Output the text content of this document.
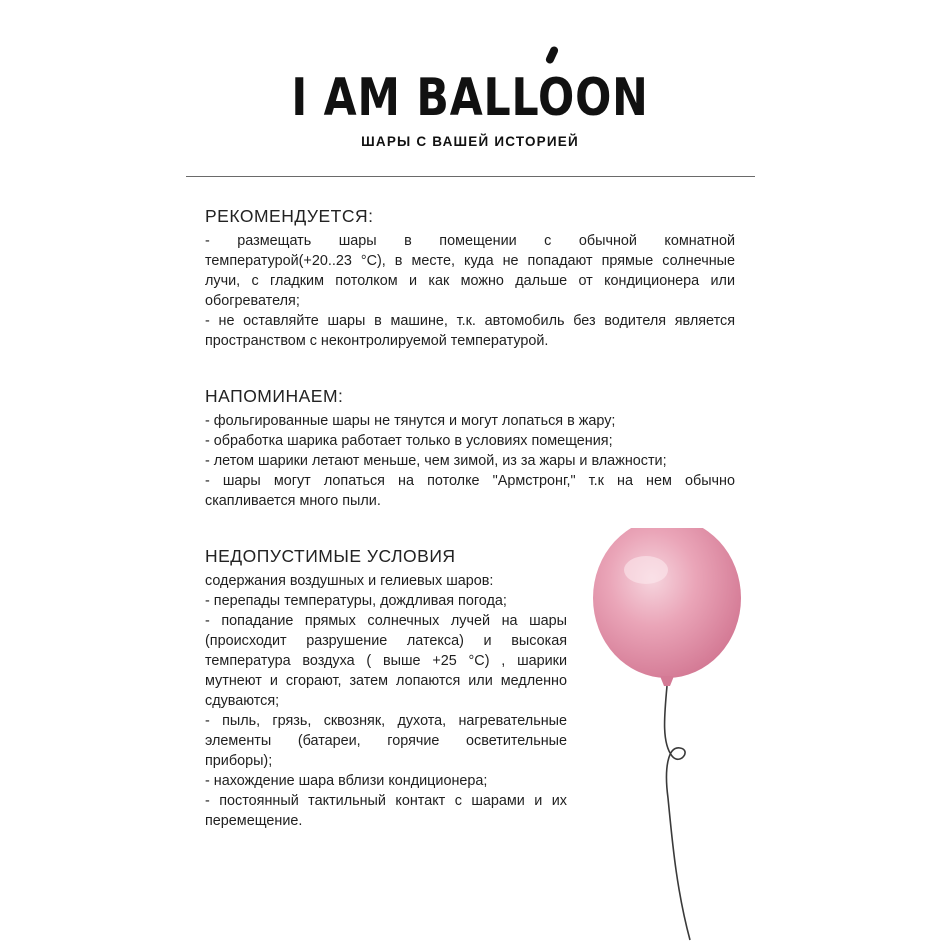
I AM BALLOON
ШАРЫ С ВАШЕЙ ИСТОРИЕЙ
РЕКОМЕНДУЕТСЯ:
- размещать шары в помещении с обычной комнатной
температурой(+20..23 °С), в месте, куда не попадают прямые солнечные
лучи, с гладким потолком и как можно дальше от кондиционера или
обогревателя;
- не оставляйте шары в машине, т.к. автомобиль без водителя является
пространством с неконтролируемой температурой.
НАПОМИНАЕМ:
- фольгированные шары не тянутся и могут лопаться в жару;
- обработка шарика работает только в условиях помещения;
- летом шарики летают меньше, чем зимой, из за жары и влажности;
- шары могут лопаться на потолке "Армстронг," т.к на нем обычно
скапливается много пыли.
НЕДОПУСТИМЫЕ УСЛОВИЯ
содержания воздушных и гелиевых шаров:
- перепады температуры, дождливая погода;
- попадание прямых солнечных лучей на шары
(происходит разрушение латекса) и высокая
температура воздуха ( выше +25 °С) , шарики
мутнеют и сгорают, затем лопаются или медленно
сдуваются;
- пыль, грязь, сквозняк, духота, нагревательные
элементы (батареи, горячие осветительные
приборы);
- нахождение шара вблизи кондиционера;
- постоянный тактильный контакт с шарами и их
перемещение.
